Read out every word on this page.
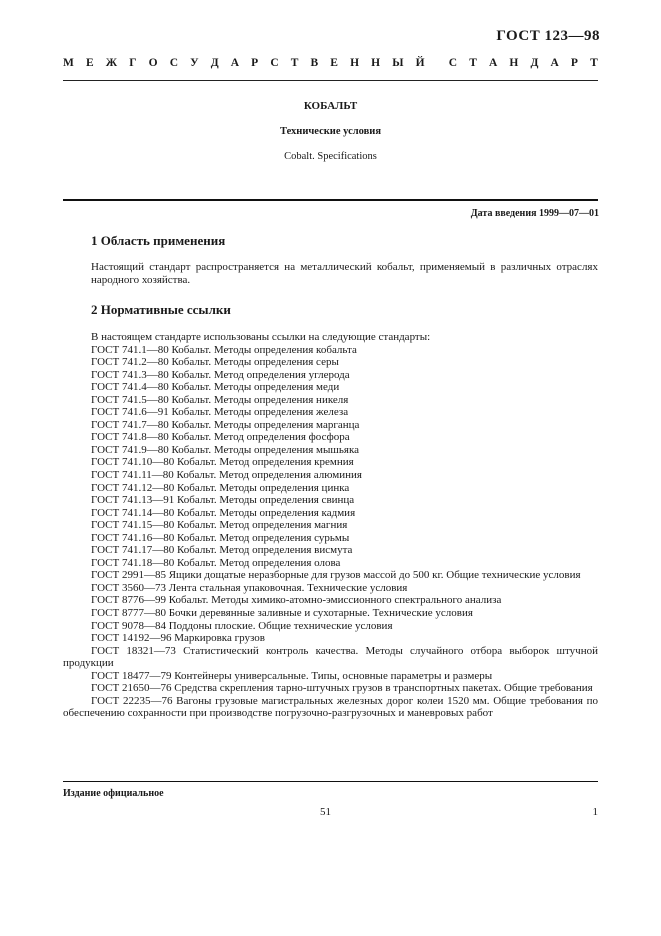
ГОСТ 123—98
М Е Ж Г О С У Д А Р С Т В Е Н Н Ы Й С Т А Н Д А Р Т
КОБАЛЬТ
Технические условия
Cobalt. Specifications
Дата введения 1999—07—01
1 Область применения
Настоящий стандарт распространяется на металлический кобальт, применяемый в различных отраслях народного хозяйства.
2 Нормативные ссылки
В настоящем стандарте использованы ссылки на следующие стандарты:
ГОСТ 741.1—80 Кобальт. Методы определения кобальта
ГОСТ 741.2—80 Кобальт. Методы определения серы
ГОСТ 741.3—80 Кобальт. Метод определения углерода
ГОСТ 741.4—80 Кобальт. Методы определения меди
ГОСТ 741.5—80 Кобальт. Методы определения никеля
ГОСТ 741.6—91 Кобальт. Методы определения железа
ГОСТ 741.7—80 Кобальт. Методы определения марганца
ГОСТ 741.8—80 Кобальт. Метод определения фосфора
ГОСТ 741.9—80 Кобальт. Методы определения мышьяка
ГОСТ 741.10—80 Кобальт. Метод определения кремния
ГОСТ 741.11—80 Кобальт. Метод определения алюминия
ГОСТ 741.12—80 Кобальт. Методы определения цинка
ГОСТ 741.13—91 Кобальт. Методы определения свинца
ГОСТ 741.14—80 Кобальт. Методы определения кадмия
ГОСТ 741.15—80 Кобальт. Метод определения магния
ГОСТ 741.16—80 Кобальт. Метод определения сурьмы
ГОСТ 741.17—80 Кобальт. Метод определения висмута
ГОСТ 741.18—80 Кобальт. Метод определения олова
ГОСТ 2991—85 Ящики дощатые неразборные для грузов массой до 500 кг. Общие технические условия
ГОСТ 3560—73 Лента стальная упаковочная. Технические условия
ГОСТ 8776—99 Кобальт. Методы химико-атомно-эмиссионного спектрального анализа
ГОСТ 8777—80 Бочки деревянные заливные и сухотарные. Технические условия
ГОСТ 9078—84 Поддоны плоские. Общие технические условия
ГОСТ 14192—96 Маркировка грузов
ГОСТ 18321—73 Статистический контроль качества. Методы случайного отбора выборок штучной продукции
ГОСТ 18477—79 Контейнеры универсальные. Типы, основные параметры и размеры
ГОСТ 21650—76 Средства скрепления тарно-штучных грузов в транспортных пакетах. Общие требования
ГОСТ 22235—76 Вагоны грузовые магистральных железных дорог колеи 1520 мм. Общие требования по обеспечению сохранности при производстве погрузочно-разгрузочных и маневровых работ
Издание официальное
51	1
